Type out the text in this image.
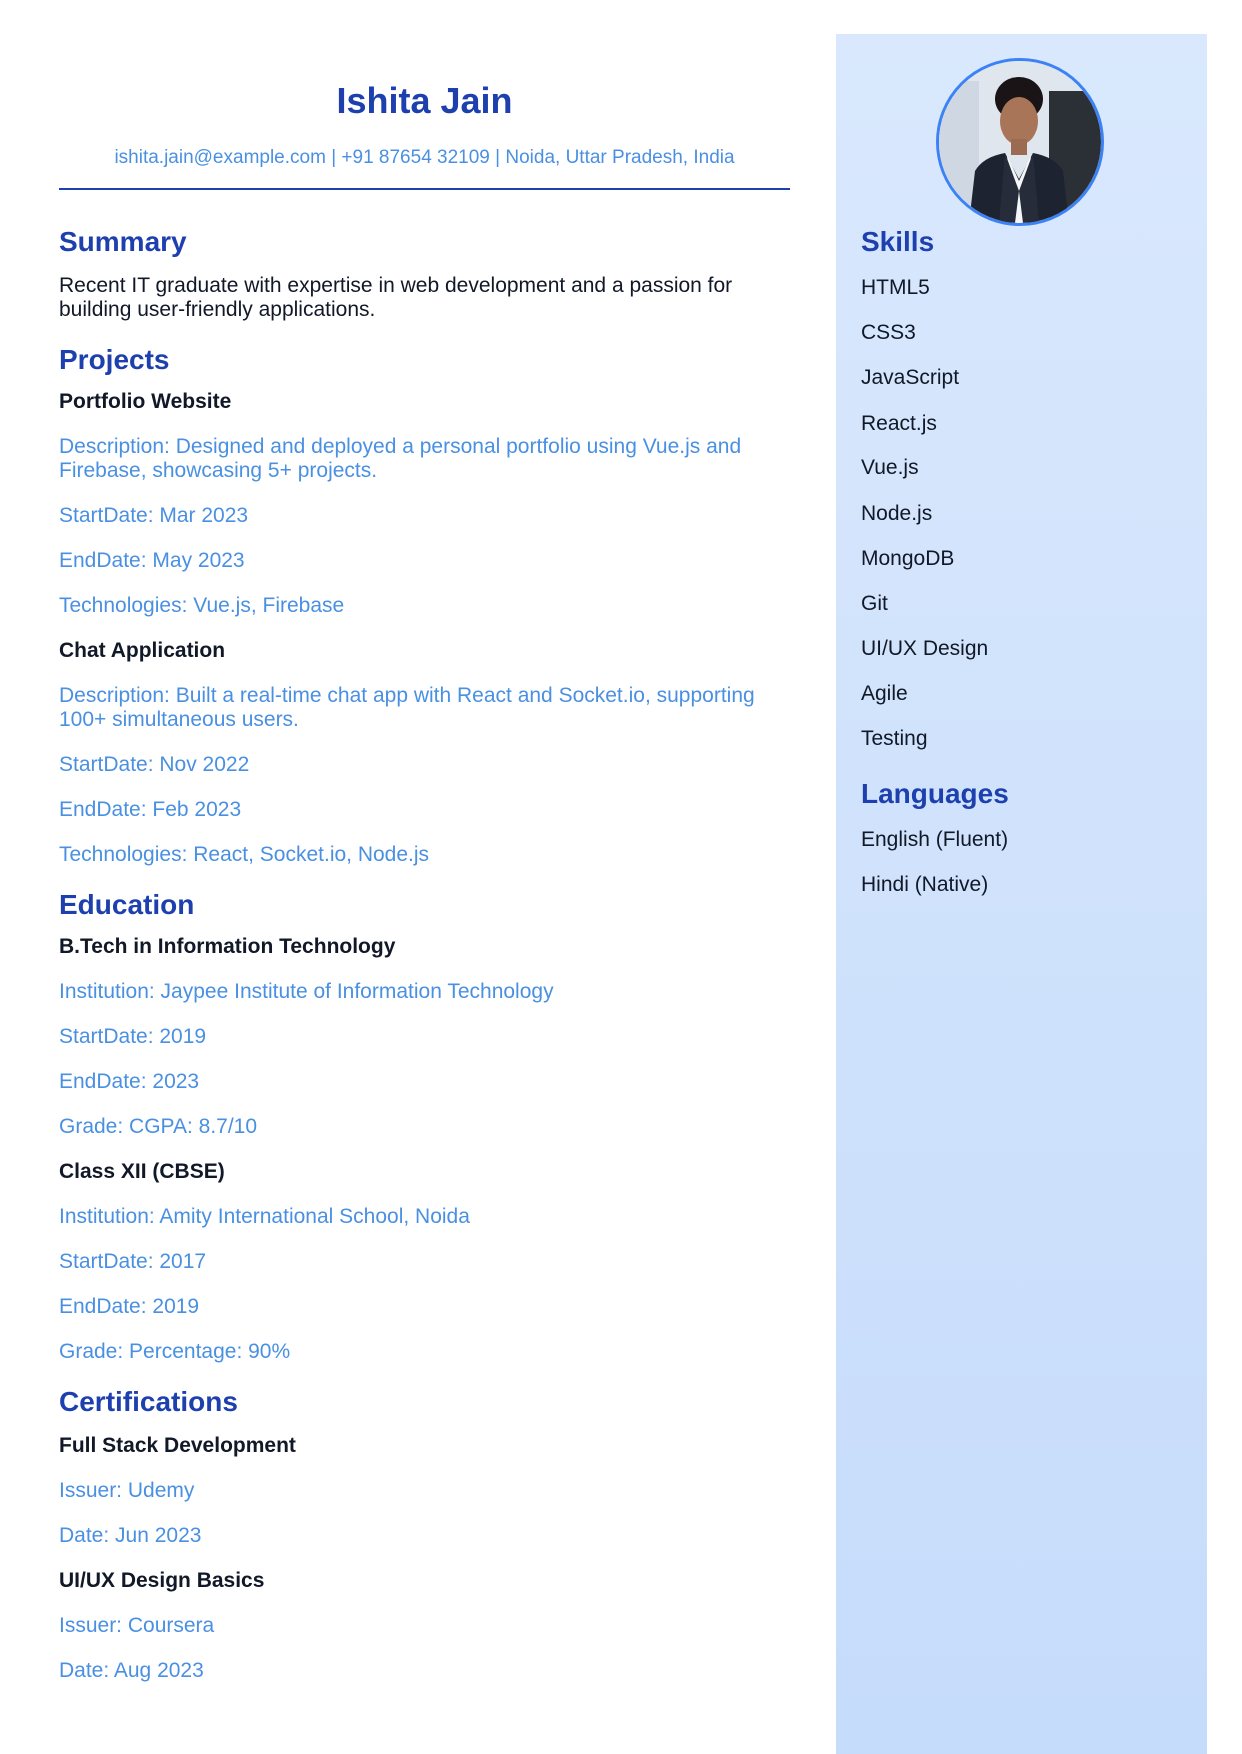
Ishita Jain
ishita.jain@example.com | +91 87654 32109 | Noida, Uttar Pradesh, India
Summary
Recent IT graduate with expertise in web development and a passion for building user-friendly applications.
Projects
Portfolio Website
Description: Designed and deployed a personal portfolio using Vue.js and Firebase, showcasing 5+ projects.
StartDate: Mar 2023
EndDate: May 2023
Technologies: Vue.js, Firebase
Chat Application
Description: Built a real-time chat app with React and Socket.io, supporting 100+ simultaneous users.
StartDate: Nov 2022
EndDate: Feb 2023
Technologies: React, Socket.io, Node.js
Education
B.Tech in Information Technology
Institution: Jaypee Institute of Information Technology
StartDate: 2019
EndDate: 2023
Grade: CGPA: 8.7/10
Class XII (CBSE)
Institution: Amity International School, Noida
StartDate: 2017
EndDate: 2019
Grade: Percentage: 90%
Certifications
Full Stack Development
Issuer: Udemy
Date: Jun 2023
UI/UX Design Basics
Issuer: Coursera
Date: Aug 2023
Skills
HTML5
CSS3
JavaScript
React.js
Vue.js
Node.js
MongoDB
Git
UI/UX Design
Agile
Testing
Languages
English (Fluent)
Hindi (Native)
